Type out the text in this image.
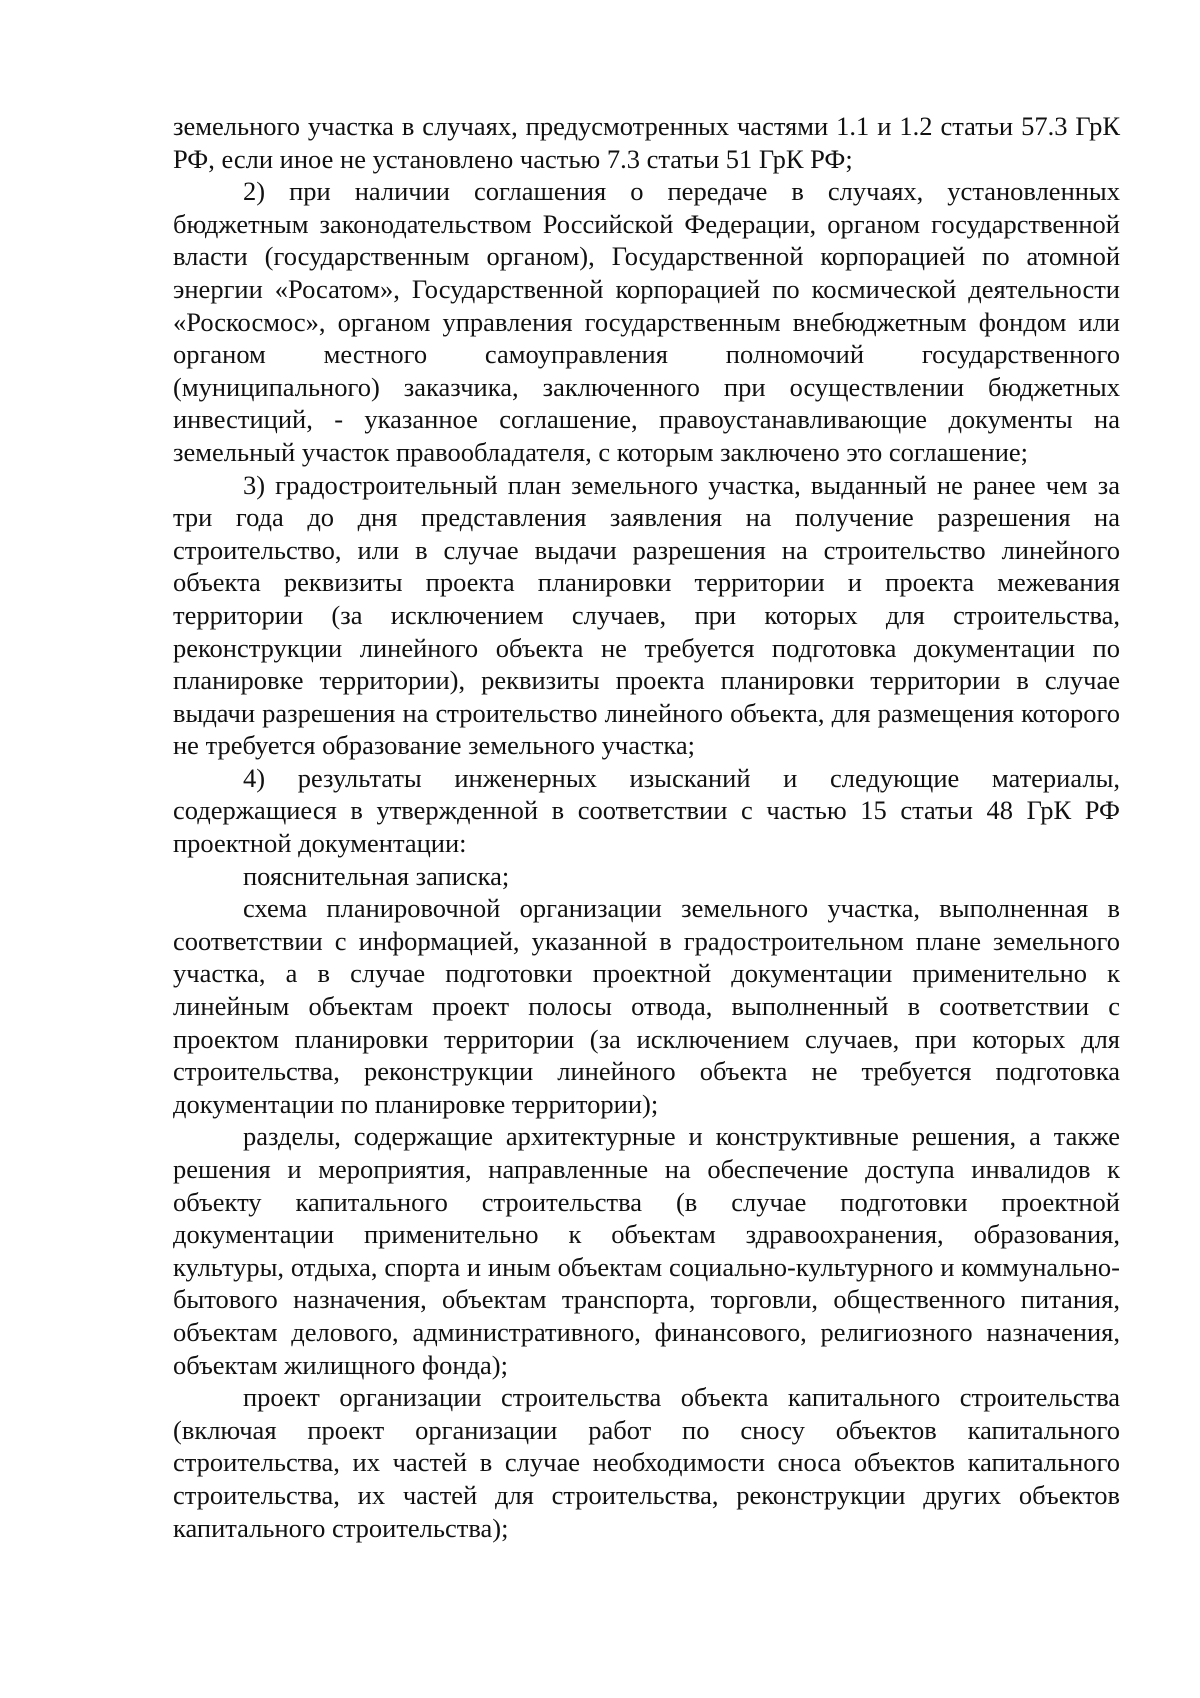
земельного участка в случаях, предусмотренных частями 1.1 и 1.2 статьи 57.3 ГрК РФ, если иное не установлено частью 7.3 статьи 51 ГрК РФ;

2) при наличии соглашения о передаче в случаях, установленных бюджетным законодательством Российской Федерации, органом государственной власти (государственным органом), Государственной корпорацией по атомной энергии «Росатом», Государственной корпорацией по космической деятельности «Роскосмос», органом управления государственным внебюджетным фондом или органом местного самоуправления полномочий государственного (муниципального) заказчика, заключенного при осуществлении бюджетных инвестиций, - указанное соглашение, правоустанавливающие документы на земельный участок правообладателя, с которым заключено это соглашение;

3) градостроительный план земельного участка, выданный не ранее чем за три года до дня представления заявления на получение разрешения на строительство, или в случае выдачи разрешения на строительство линейного объекта реквизиты проекта планировки территории и проекта межевания территории (за исключением случаев, при которых для строительства, реконструкции линейного объекта не требуется подготовка документации по планировке территории), реквизиты проекта планировки территории в случае выдачи разрешения на строительство линейного объекта, для размещения которого не требуется образование земельного участка;

4) результаты инженерных изысканий и следующие материалы, содержащиеся в утвержденной в соответствии с частью 15 статьи 48 ГрК РФ проектной документации:

пояснительная записка;

схема планировочной организации земельного участка, выполненная в соответствии с информацией, указанной в градостроительном плане земельного участка, а в случае подготовки проектной документации применительно к линейным объектам проект полосы отвода, выполненный в соответствии с проектом планировки территории (за исключением случаев, при которых для строительства, реконструкции линейного объекта не требуется подготовка документации по планировке территории);

разделы, содержащие архитектурные и конструктивные решения, а также решения и мероприятия, направленные на обеспечение доступа инвалидов к объекту капитального строительства (в случае подготовки проектной документации применительно к объектам здравоохранения, образования, культуры, отдыха, спорта и иным объектам социально-культурного и коммунально-бытового назначения, объектам транспорта, торговли, общественного питания, объектам делового, административного, финансового, религиозного назначения, объектам жилищного фонда);

проект организации строительства объекта капитального строительства (включая проект организации работ по сносу объектов капитального строительства, их частей в случае необходимости сноса объектов капитального строительства, их частей для строительства, реконструкции других объектов капитального строительства);
